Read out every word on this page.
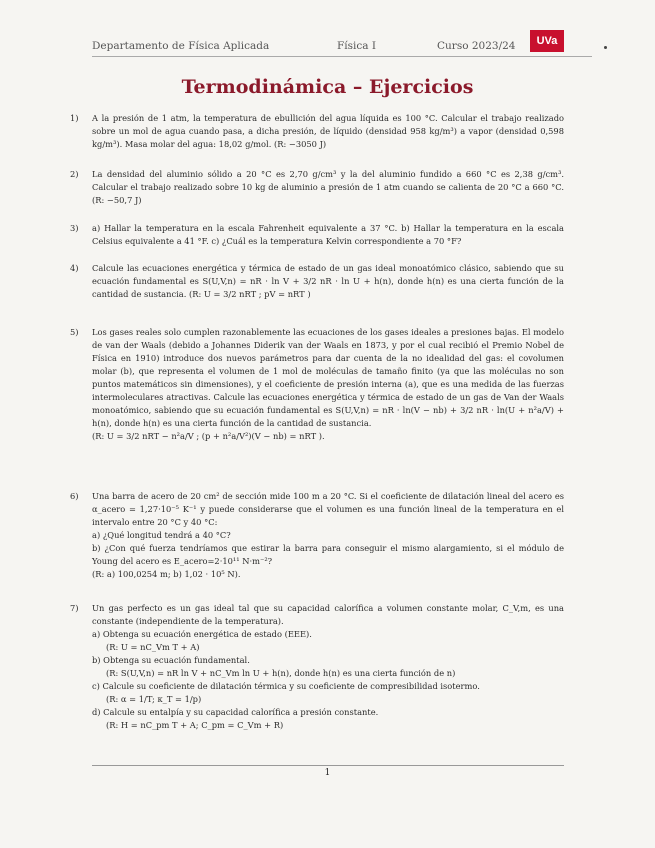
Departamento de Física Aplicada	Física I	Curso 2023/24	UVa
Termodinámica – Ejercicios
1) A la presión de 1 atm, la temperatura de ebullición del agua líquida es 100 °C. Calcular el trabajo realizado sobre un mol de agua cuando pasa, a dicha presión, de líquido (densidad 958 kg/m³) a vapor (densidad 0,598 kg/m³). Masa molar del agua: 18,02 g/mol. (R: −3050 J)

2) La densidad del aluminio sólido a 20 °C es 2,70 g/cm³ y la del aluminio fundido a 660 °C es 2,38 g/cm³. Calcular el trabajo realizado sobre 10 kg de aluminio a presión de 1 atm cuando se calienta de 20 °C a 660 °C. (R: −50,7 J)

3) a) Hallar la temperatura en la escala Fahrenheit equivalente a 37 °C. b) Hallar la temperatura en la escala Celsius equivalente a 41 °F. c) ¿Cuál es la temperatura Kelvin correspondiente a 70 °F?

4) Calcule las ecuaciones energética y térmica de estado de un gas ideal monoatómico clásico, sabiendo que su ecuación fundamental es S(U,V,n) = nR · ln V + 3/2 nR · ln U + h(n), donde h(n) es una cierta función de la cantidad de sustancia. (R: U = 3/2 nRT ; pV = nRT )

5) Los gases reales solo cumplen razonablemente las ecuaciones de los gases ideales a presiones bajas. El modelo de van der Waals (debido a Johannes Diderik van der Waals en 1873, y por el cual recibió el Premio Nobel de Física en 1910) introduce dos nuevos parámetros para dar cuenta de la no idealidad del gas: el covolumen molar (b), que representa el volumen de 1 mol de moléculas de tamaño finito (ya que las moléculas no son puntos matemáticos sin dimensiones), y el coeficiente de presión interna (a), que es una medida de las fuerzas intermoleculares atractivas. Calcule las ecuaciones energética y térmica de estado de un gas de Van der Waals monoatómico, sabiendo que su ecuación fundamental es S(U,V,n) = nR · ln(V − nb) + 3/2 nR · ln(U + n²a/V) + h(n), donde h(n) es una cierta función de la cantidad de sustancia.

(R: U = 3/2 nRT − n²a/V ; (p + n²a/V²)(V − nb) = nRT ).

6) Una barra de acero de 20 cm² de sección mide 100 m a 20 °C. Si el coeficiente de dilatación lineal del acero es α_acero = 1,27·10⁻⁵ K⁻¹ y puede considerarse que el volumen es una función lineal de la temperatura en el intervalo entre 20 °C y 40 °C:

a) ¿Qué longitud tendrá a 40 °C?

b) ¿Con qué fuerza tendríamos que estirar la barra para conseguir el mismo alargamiento, si el módulo de Young del acero es E_acero=2·10¹¹ N·m⁻²?

(R: a) 100,0254 m; b) 1,02 · 10⁵ N).

7) Un gas perfecto es un gas ideal tal que su capacidad calorífica a volumen constante molar, C_V,m, es una constante (independiente de la temperatura).

a) Obtenga su ecuación energética de estado (EEE).

(R: U = nC_Vm T + A)

b) Obtenga su ecuación fundamental.

(R: S(U,V,n) = nR ln V + nC_Vm ln U + h(n), donde h(n) es una cierta función de n)

c) Calcule su coeficiente de dilatación térmica y su coeficiente de compresibilidad isotermo.

(R: α = 1/T; κ_T = 1/p)

d) Calcule su entalpía y su capacidad calorífica a presión constante.

(R: H = nC_pm T + A; C_pm = C_Vm + R)

1
